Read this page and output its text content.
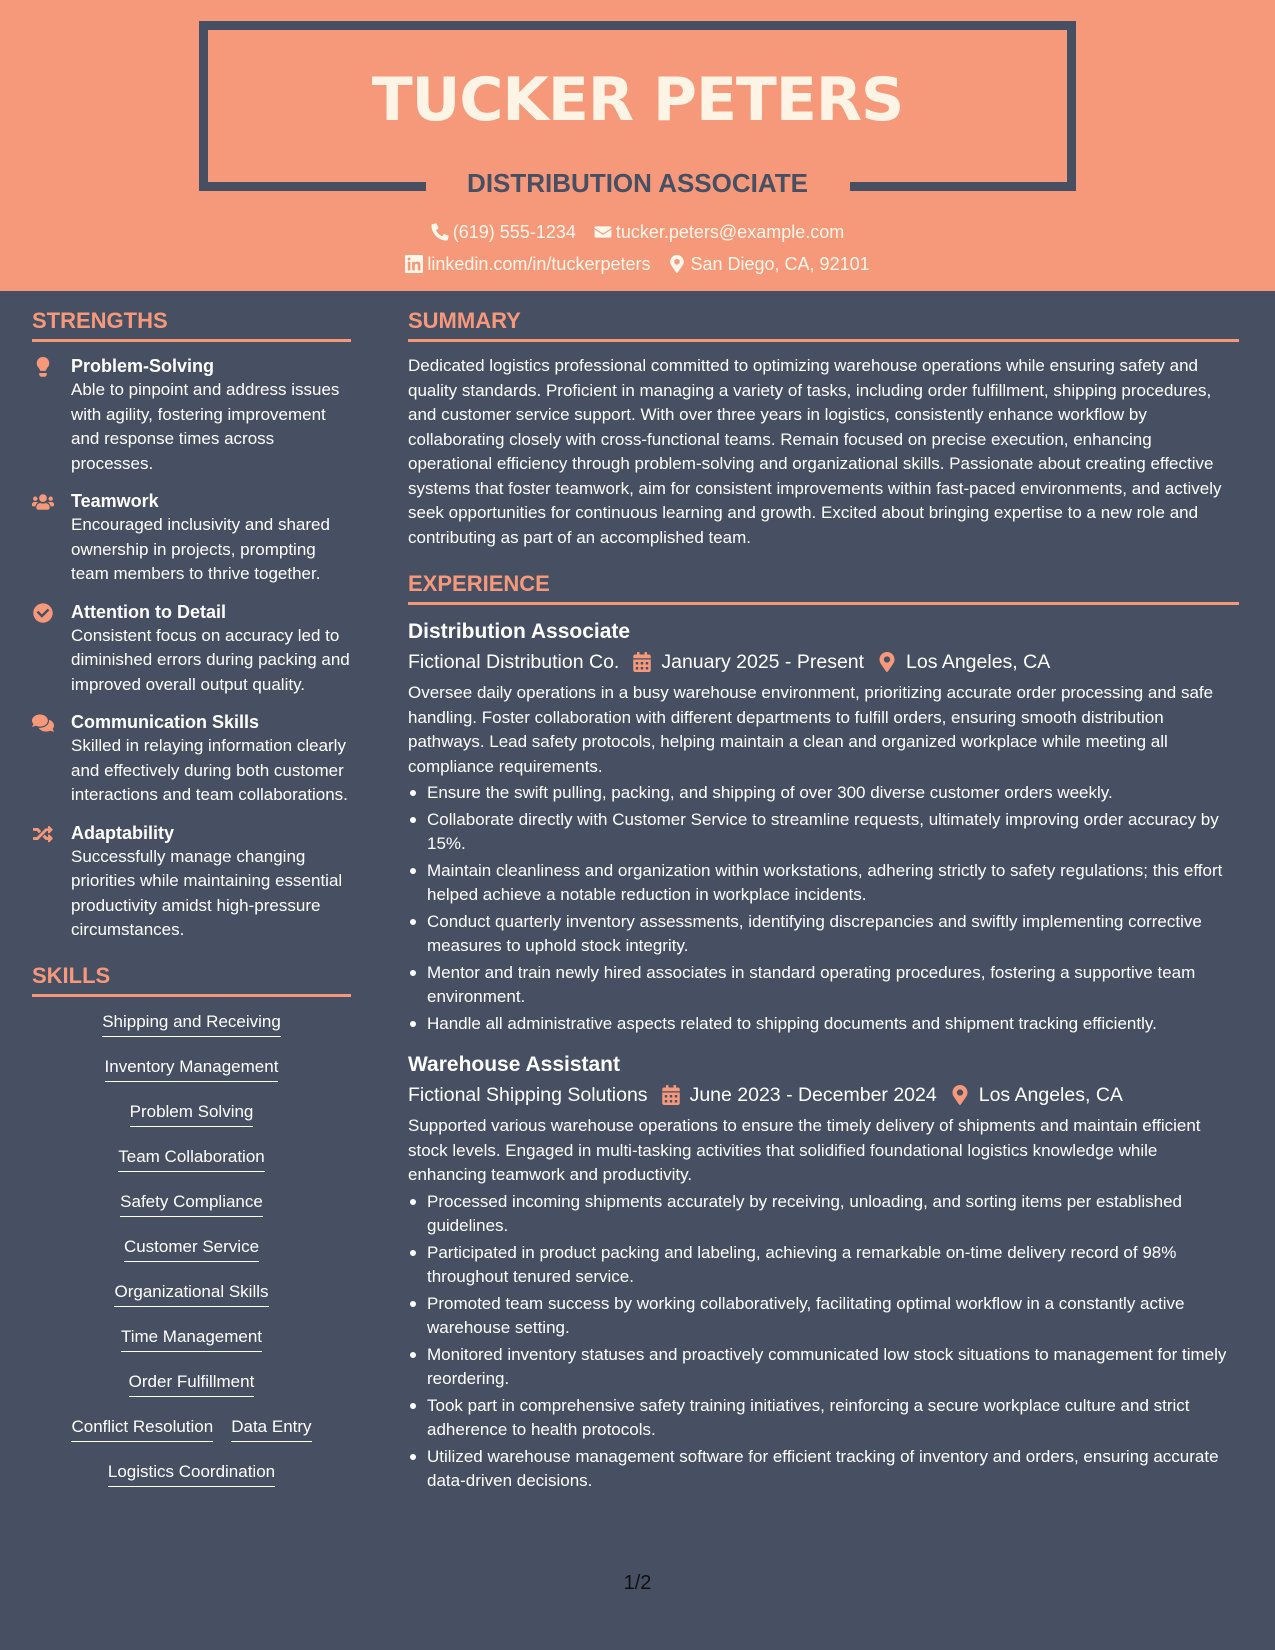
TUCKER PETERS
DISTRIBUTION ASSOCIATE
(619) 555-1234 tucker.peters@example.com
linkedin.com/in/tuckerpeters San Diego, CA, 92101
STRENGTHS
Problem-Solving
Able to pinpoint and address issues with agility, fostering improvement and response times across processes.
Teamwork
Encouraged inclusivity and shared ownership in projects, prompting team members to thrive together.
Attention to Detail
Consistent focus on accuracy led to diminished errors during packing and improved overall output quality.
Communication Skills
Skilled in relaying information clearly and effectively during both customer interactions and team collaborations.
Adaptability
Successfully manage changing priorities while maintaining essential productivity amidst high-pressure circumstances.
SKILLS
Shipping and Receiving
Inventory Management
Problem Solving
Team Collaboration
Safety Compliance
Customer Service
Organizational Skills
Time Management
Order Fulfillment
Conflict Resolution Data Entry
Logistics Coordination
SUMMARY
Dedicated logistics professional committed to optimizing warehouse operations while ensuring safety and quality standards. Proficient in managing a variety of tasks, including order fulfillment, shipping procedures, and customer service support. With over three years in logistics, consistently enhance workflow by collaborating closely with cross-functional teams. Remain focused on precise execution, enhancing operational efficiency through problem-solving and organizational skills. Passionate about creating effective systems that foster teamwork, aim for consistent improvements within fast-paced environments, and actively seek opportunities for continuous learning and growth. Excited about bringing expertise to a new role and contributing as part of an accomplished team.
EXPERIENCE
Distribution Associate
Fictional Distribution Co. January 2025 - Present Los Angeles, CA
Oversee daily operations in a busy warehouse environment, prioritizing accurate order processing and safe handling. Foster collaboration with different departments to fulfill orders, ensuring smooth distribution pathways. Lead safety protocols, helping maintain a clean and organized workplace while meeting all compliance requirements.
Ensure the swift pulling, packing, and shipping of over 300 diverse customer orders weekly.
Collaborate directly with Customer Service to streamline requests, ultimately improving order accuracy by 15%.
Maintain cleanliness and organization within workstations, adhering strictly to safety regulations; this effort helped achieve a notable reduction in workplace incidents.
Conduct quarterly inventory assessments, identifying discrepancies and swiftly implementing corrective measures to uphold stock integrity.
Mentor and train newly hired associates in standard operating procedures, fostering a supportive team environment.
Handle all administrative aspects related to shipping documents and shipment tracking efficiently.
Warehouse Assistant
Fictional Shipping Solutions June 2023 - December 2024 Los Angeles, CA
Supported various warehouse operations to ensure the timely delivery of shipments and maintain efficient stock levels. Engaged in multi-tasking activities that solidified foundational logistics knowledge while enhancing teamwork and productivity.
Processed incoming shipments accurately by receiving, unloading, and sorting items per established guidelines.
Participated in product packing and labeling, achieving a remarkable on-time delivery record of 98% throughout tenured service.
Promoted team success by working collaboratively, facilitating optimal workflow in a constantly active warehouse setting.
Monitored inventory statuses and proactively communicated low stock situations to management for timely reordering.
Took part in comprehensive safety training initiatives, reinforcing a secure workplace culture and strict adherence to health protocols.
Utilized warehouse management software for efficient tracking of inventory and orders, ensuring accurate data-driven decisions.
1/2
